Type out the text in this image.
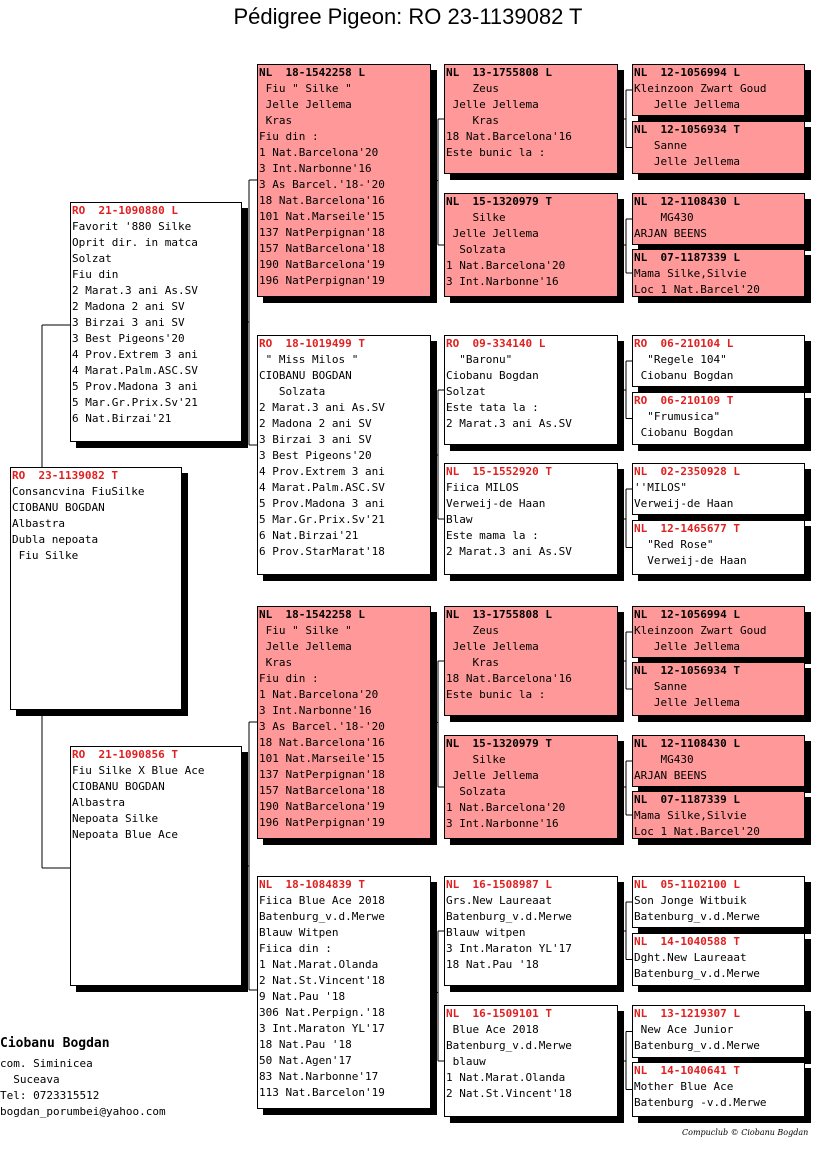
Pédigree Pigeon: RO 23-1139082 T
RO  23-1139082 T
Consancvina FiuSilke
CIOBANU BOGDAN
Albastra
Dubla nepoata
Fiu Silke
RO  21-1090880 L
Favorit '880 Silke
Oprit dir. in matca
Solzat
Fiu din
2 Marat.3 ani As.SV
2 Madona 2 ani SV
3 Birzai 3 ani SV
3 Best Pigeons'20
4 Prov.Extrem 3 ani
4 Marat.Palm.ASC.SV
5 Prov.Madona 3 ani
5 Mar.Gr.Prix.Sv'21
6 Nat.Birzai'21
RO  21-1090856 T
Fiu Silke X Blue Ace
CIOBANU BOGDAN
Albastra
Nepoata Silke
Nepoata Blue Ace
NL  18-1542258 L
Fiu " Silke "
Jelle Jellema
Kras
Fiu din :
1 Nat.Barcelona'20
3 Int.Narbonne'16
3 As Barcel.'18-'20
18 Nat.Barcelona'16
101 Nat.Marseile'15
137 NatPerpignan'18
157 NatBarcelona'18
190 NatBarcelona'19
196 NatPerpignan'19
RO  18-1019499 T
" Miss Milos "
CIOBANU BOGDAN
Solzata
2 Marat.3 ani As.SV
2 Madona 2 ani SV
3 Birzai 3 ani SV
3 Best Pigeons'20
4 Prov.Extrem 3 ani
4 Marat.Palm.ASC.SV
5 Prov.Madona 3 ani
5 Mar.Gr.Prix.Sv'21
6 Nat.Birzai'21
6 Prov.StarMarat'18
NL  18-1542258 L
Fiu " Silke "
Jelle Jellema
Kras
Fiu din :
1 Nat.Barcelona'20
3 Int.Narbonne'16
3 As Barcel.'18-'20
18 Nat.Barcelona'16
101 Nat.Marseile'15
137 NatPerpignan'18
157 NatBarcelona'18
190 NatBarcelona'19
196 NatPerpignan'19
NL  18-1084839 T
Fiica Blue Ace 2018
Batenburg_v.d.Merwe
Blauw Witpen
Fiica din :
1 Nat.Marat.Olanda
2 Nat.St.Vincent'18
9 Nat.Pau '18
306 Nat.Perpign.'18
3 Int.Maraton YL'17
18 Nat.Pau '18
50 Nat.Agen'17
83 Nat.Narbonne'17
113 Nat.Barcelon'19
NL  13-1755808 L
Zeus
Jelle Jellema
Kras
18 Nat.Barcelona'16
Este bunic la :
NL  15-1320979 T
Silke
Jelle Jellema
Solzata
1 Nat.Barcelona'20
3 Int.Narbonne'16
RO  09-334140 L
"Baronu"
Ciobanu Bogdan
Solzat
Este tata la :
2 Marat.3 ani As.SV
NL  15-1552920 T
Fiica MILOS
Verweij-de Haan
Blaw
Este mama la :
2 Marat.3 ani As.SV
NL  13-1755808 L
Zeus
Jelle Jellema
Kras
18 Nat.Barcelona'16
Este bunic la :
NL  15-1320979 T
Silke
Jelle Jellema
Solzata
1 Nat.Barcelona'20
3 Int.Narbonne'16
NL  16-1508987 L
Grs.New Laureaat
Batenburg_v.d.Merwe
Blauw witpen
3 Int.Maraton YL'17
18 Nat.Pau '18
NL  16-1509101 T
Blue Ace 2018
Batenburg_v.d.Merwe
blauw
1 Nat.Marat.Olanda
2 Nat.St.Vincent'18
NL  12-1056994 L
Kleinzoon Zwart Goud
Jelle Jellema
NL  12-1056934 T
Sanne
Jelle Jellema
NL  12-1108430 L
MG430
ARJAN BEENS
NL  07-1187339 L
Mama Silke,Silvie
Loc 1 Nat.Barcel'20
RO  06-210104 L
"Regele 104"
Ciobanu Bogdan
RO  06-210109 T
"Frumusica"
Ciobanu Bogdan
NL  02-2350928 L
''MILOS"
Verweij-de Haan
NL  12-1465677 T
"Red Rose"
Verweij-de Haan
NL  12-1056994 L
Kleinzoon Zwart Goud
Jelle Jellema
NL  12-1056934 T
Sanne
Jelle Jellema
NL  12-1108430 L
MG430
ARJAN BEENS
NL  07-1187339 L
Mama Silke,Silvie
Loc 1 Nat.Barcel'20
NL  05-1102100 L
Son Jonge Witbuik
Batenburg_v.d.Merwe
NL  14-1040588 T
Dght.New Laureaat
Batenburg_v.d.Merwe
NL  13-1219307 L
New Ace Junior
Batenburg_v.d.Merwe
NL  14-1040641 T
Mother Blue Ace
Batenburg -v.d.Merwe
Ciobanu Bogdan
com. Siminicea
Suceava
Tel: 0723315512
bogdan_porumbei@yahoo.com
Compuclub © Ciobanu Bogdan
